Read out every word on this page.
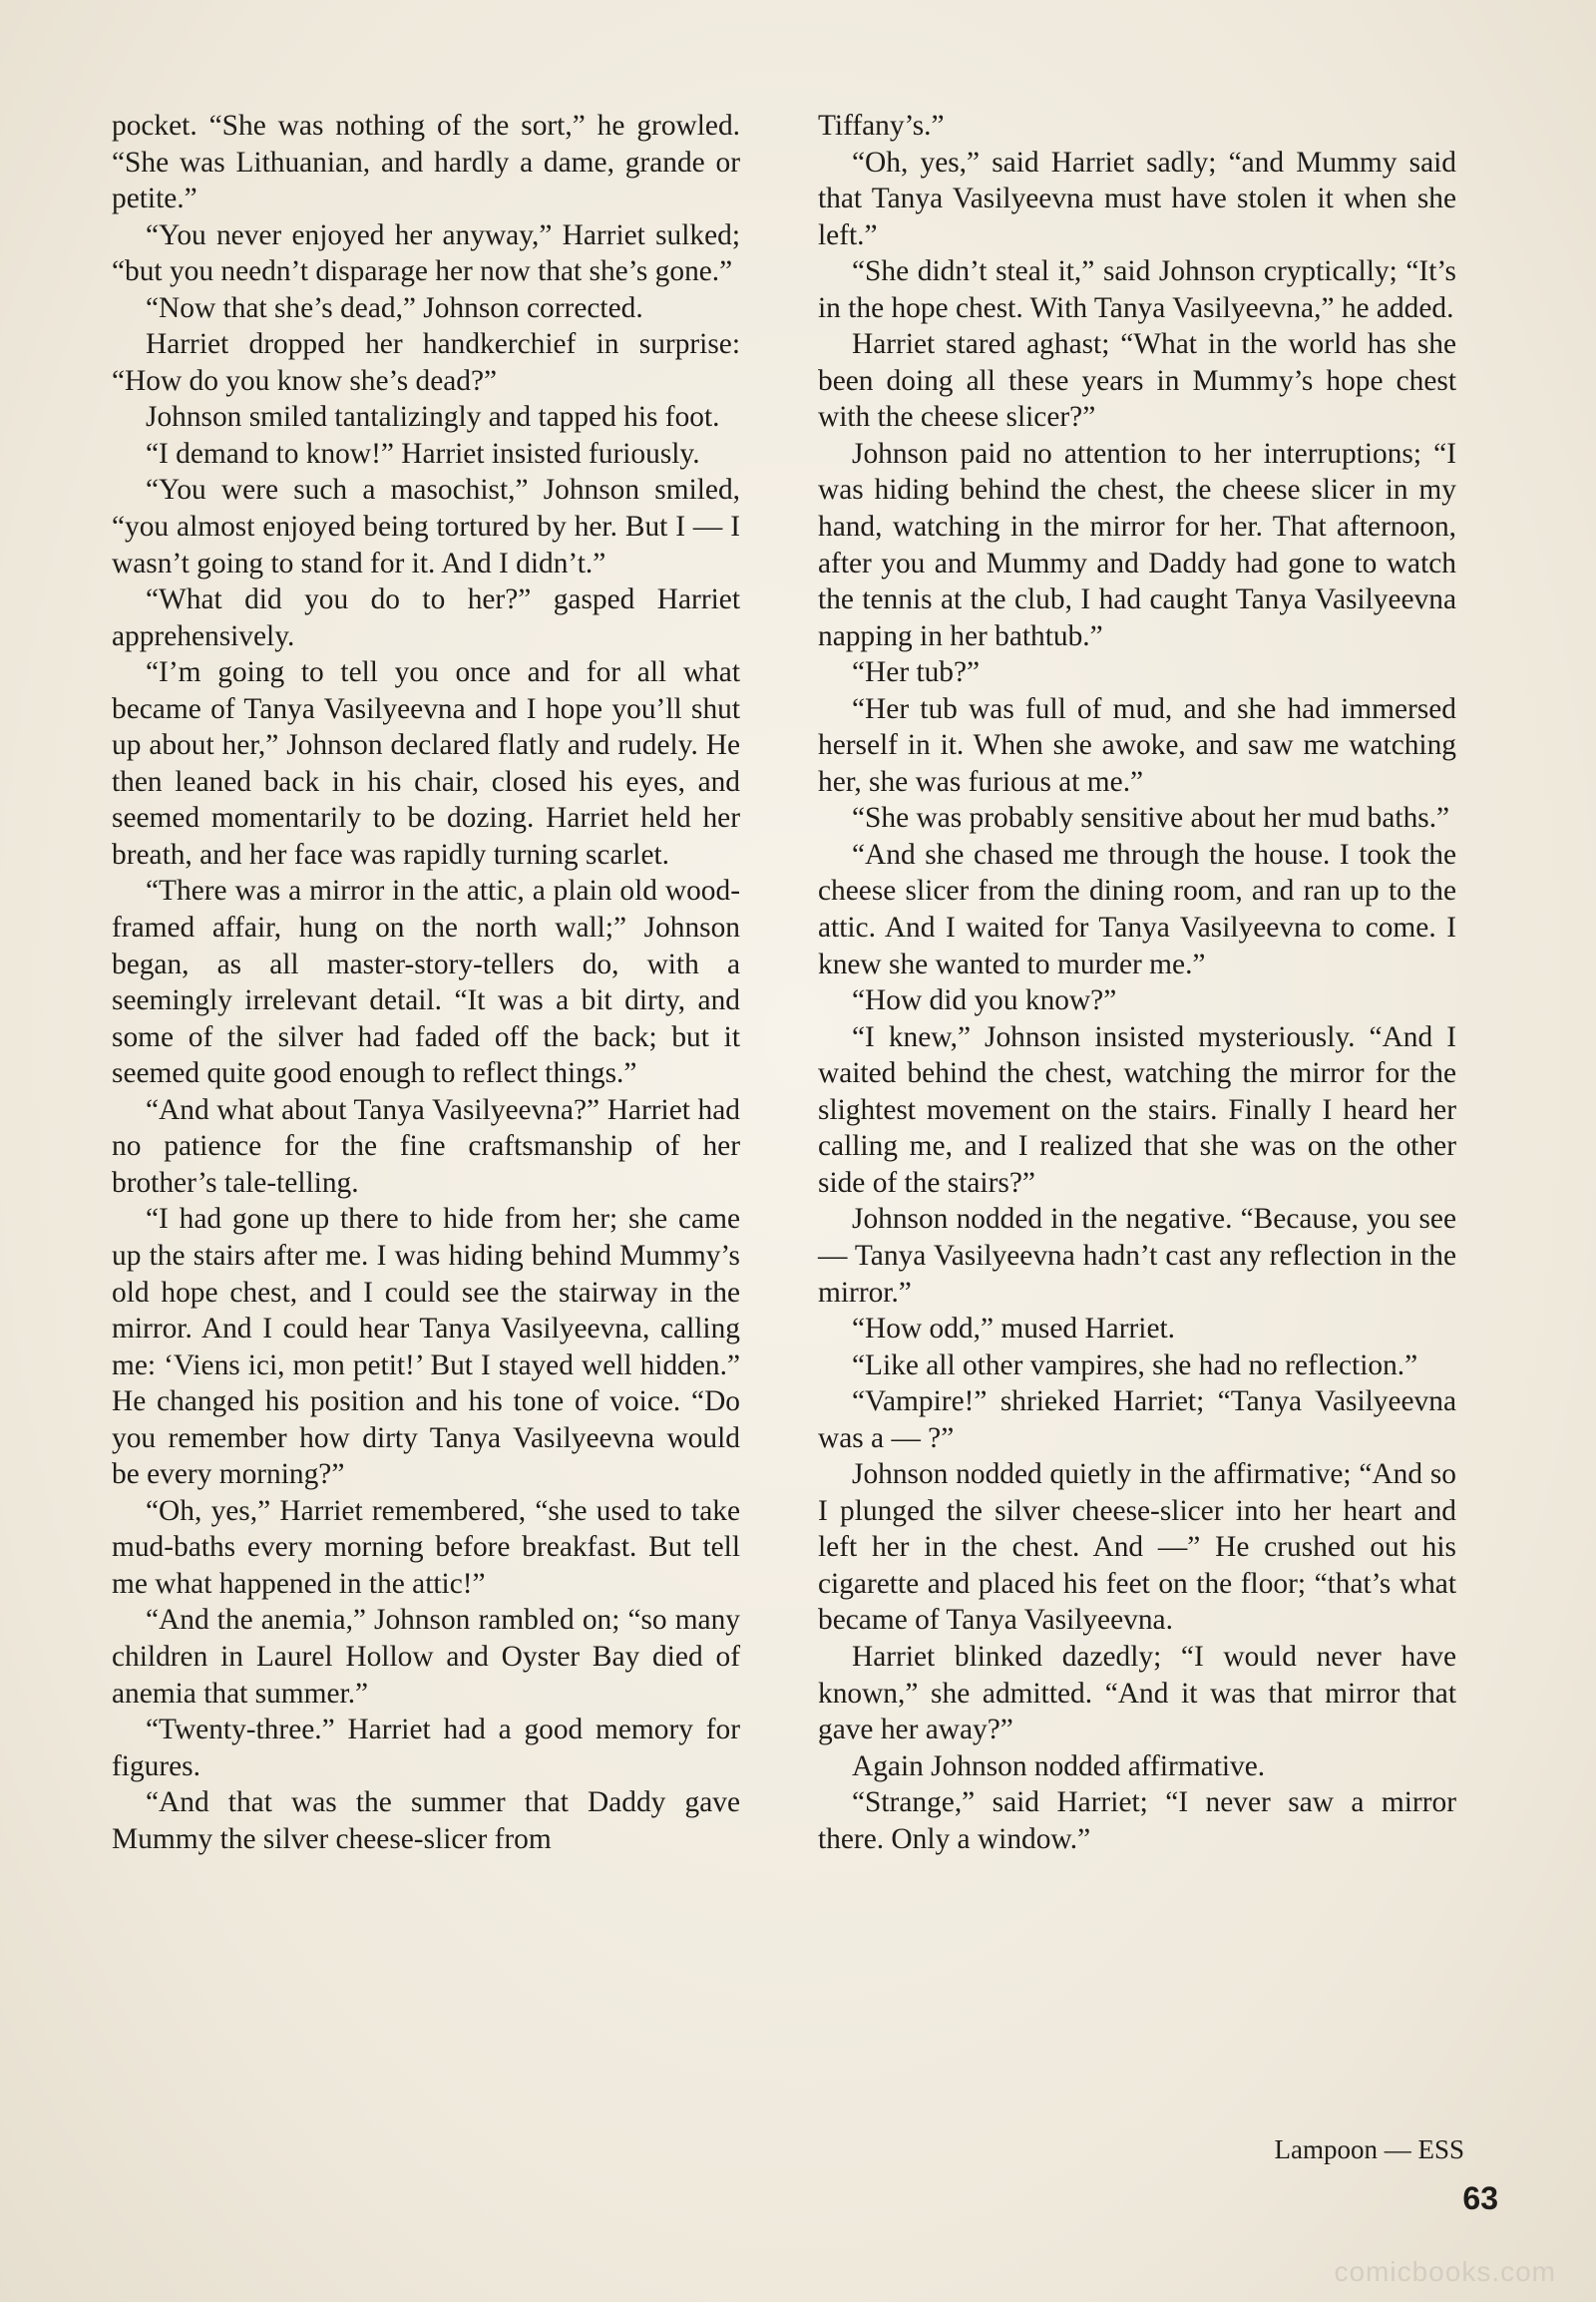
pocket. “She was nothing of the sort,” he growled. “She was Lithuanian, and hardly a dame, grande or petite.”

“You never enjoyed her anyway,” Harriet sulked; “but you needn’t disparage her now that she’s gone.”

“Now that she’s dead,” Johnson corrected.

Harriet dropped her handkerchief in surprise: “How do you know she’s dead?”

Johnson smiled tantalizingly and tapped his foot.

“I demand to know!” Harriet insisted furiously.

“You were such a masochist,” Johnson smiled, “you almost enjoyed being tortured by her. But I — I wasn’t going to stand for it. And I didn’t.”

“What did you do to her?” gasped Harriet apprehensively.

“I’m going to tell you once and for all what became of Tanya Vasilyeevna and I hope you’ll shut up about her,” Johnson declared flatly and rudely. He then leaned back in his chair, closed his eyes, and seemed momentarily to be dozing. Harriet held her breath, and her face was rapidly turning scarlet.

“There was a mirror in the attic, a plain old wood-framed affair, hung on the north wall;” Johnson began, as all master-story-tellers do, with a seemingly irrelevant detail. “It was a bit dirty, and some of the silver had faded off the back; but it seemed quite good enough to reflect things.”

“And what about Tanya Vasilyeevna?” Harriet had no patience for the fine craftsmanship of her brother’s tale-telling.

“I had gone up there to hide from her; she came up the stairs after me. I was hiding behind Mummy’s old hope chest, and I could see the stairway in the mirror. And I could hear Tanya Vasilyeevna, calling me: ‘Viens ici, mon petit!’ But I stayed well hidden.” He changed his position and his tone of voice. “Do you remember how dirty Tanya Vasilyeevna would be every morning?”

“Oh, yes,” Harriet remembered, “she used to take mud-baths every morning before breakfast. But tell me what happened in the attic!”

“And the anemia,” Johnson rambled on; “so many children in Laurel Hollow and Oyster Bay died of anemia that summer.”

“Twenty-three.” Harriet had a good memory for figures.

“And that was the summer that Daddy gave Mummy the silver cheese-slicer from

Tiffany’s.”

“Oh, yes,” said Harriet sadly; “and Mummy said that Tanya Vasilyeevna must have stolen it when she left.”

“She didn’t steal it,” said Johnson cryptically; “It’s in the hope chest. With Tanya Vasilyeevna,” he added.

Harriet stared aghast; “What in the world has she been doing all these years in Mummy’s hope chest with the cheese slicer?”

Johnson paid no attention to her interruptions; “I was hiding behind the chest, the cheese slicer in my hand, watching in the mirror for her. That afternoon, after you and Mummy and Daddy had gone to watch the tennis at the club, I had caught Tanya Vasilyeevna napping in her bathtub.”

“Her tub?”

“Her tub was full of mud, and she had immersed herself in it. When she awoke, and saw me watching her, she was furious at me.”

“She was probably sensitive about her mud baths.”

“And she chased me through the house. I took the cheese slicer from the dining room, and ran up to the attic. And I waited for Tanya Vasilyeevna to come. I knew she wanted to murder me.”

“How did you know?”

“I knew,” Johnson insisted mysteriously. “And I waited behind the chest, watching the mirror for the slightest movement on the stairs. Finally I heard her calling me, and I realized that she was on the other side of the stairs?”

Johnson nodded in the negative. “Because, you see — Tanya Vasilyeevna hadn’t cast any reflection in the mirror.”

“How odd,” mused Harriet.

“Like all other vampires, she had no reflection.”

“Vampire!” shrieked Harriet; “Tanya Vasilyeevna was a — ?”

Johnson nodded quietly in the affirmative; “And so I plunged the silver cheese-slicer into her heart and left her in the chest. And —” He crushed out his cigarette and placed his feet on the floor; “that’s what became of Tanya Vasilyeevna.

Harriet blinked dazedly; “I would never have known,” she admitted. “And it was that mirror that gave her away?”

Again Johnson nodded affirmative.

“Strange,” said Harriet; “I never saw a mirror there. Only a window.”

Lampoon — ESS
63
comicbooks.com
